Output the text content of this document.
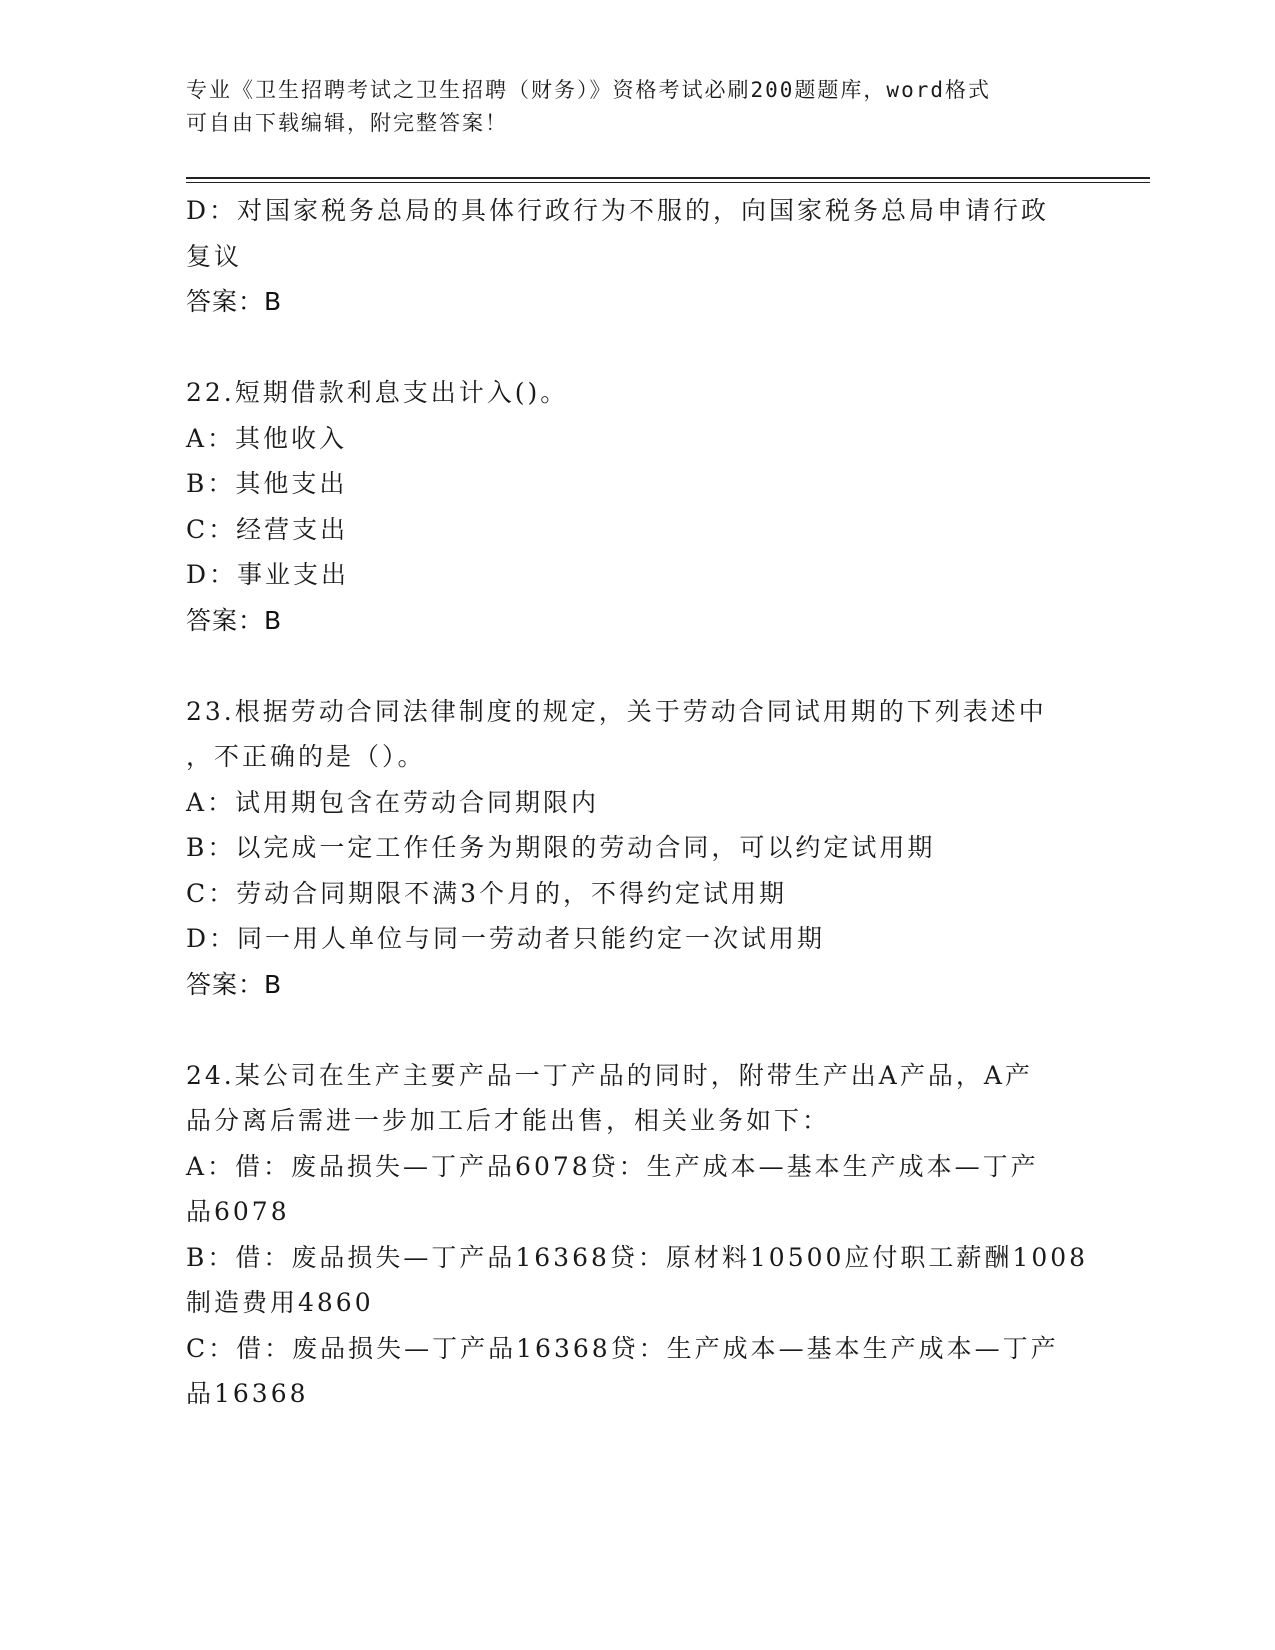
专业《卫生招聘考试之卫生招聘（财务）》资格考试必刷200题题库，word格式
可自由下载编辑，附完整答案！
D：对国家税务总局的具体行政行为不服的，向国家税务总局申请行政
复议
答案：B
22.短期借款利息支出计入()。
A：其他收入
B：其他支出
C：经营支出
D：事业支出
答案：B
23.根据劳动合同法律制度的规定，关于劳动合同试用期的下列表述中
，不正确的是（）。
A：试用期包含在劳动合同期限内
B：以完成一定工作任务为期限的劳动合同，可以约定试用期
C：劳动合同期限不满3个月的，不得约定试用期
D：同一用人单位与同一劳动者只能约定一次试用期
答案：B
24.某公司在生产主要产品一丁产品的同时，附带生产出A产品，A产
品分离后需进一步加工后才能出售，相关业务如下：
A：借：废品损失—丁产品6078贷：生产成本—基本生产成本—丁产
品6078
B：借：废品损失—丁产品16368贷：原材料10500应付职工薪酬1008
制造费用4860
C：借：废品损失—丁产品16368贷：生产成本—基本生产成本—丁产
品16368
